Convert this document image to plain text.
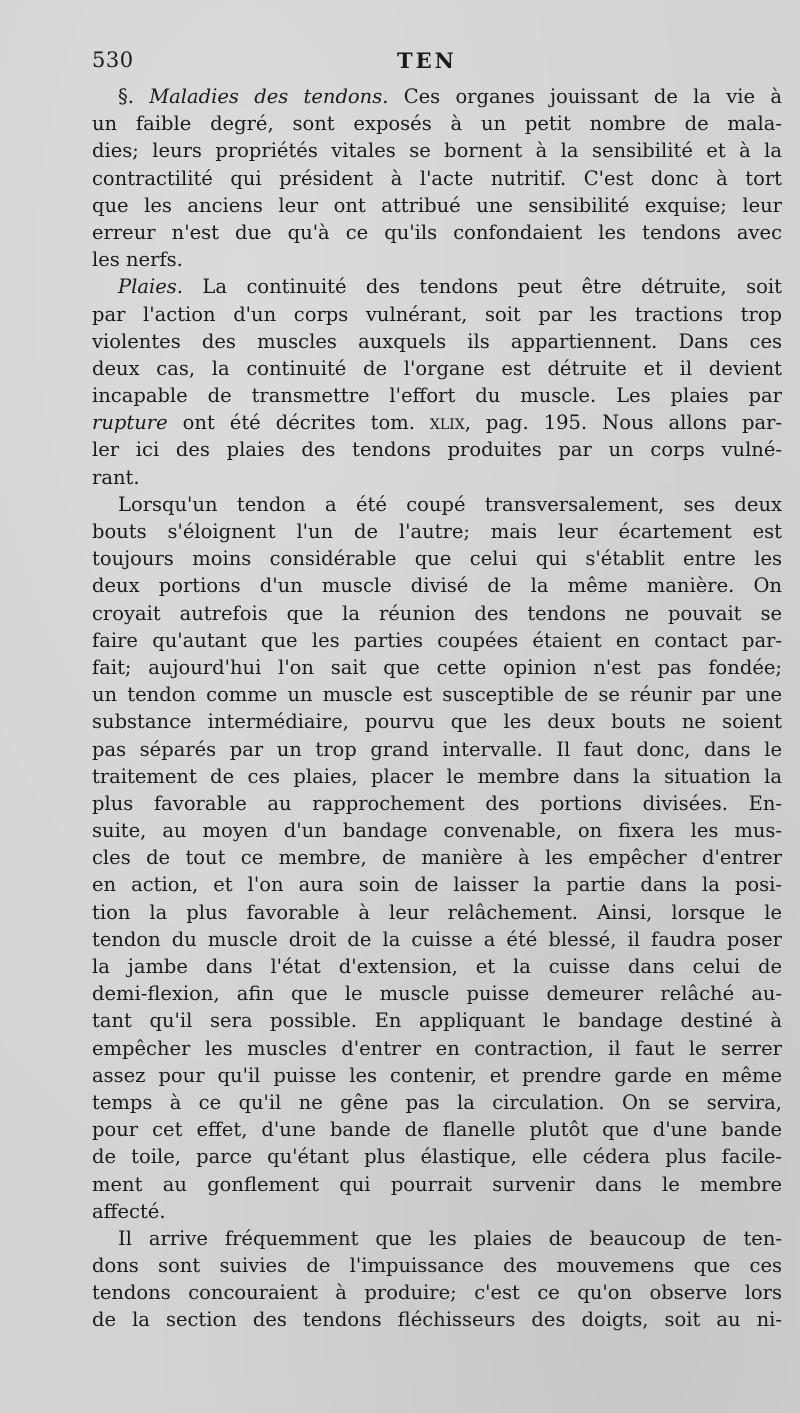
530	TEN
§. Maladies des tendons. Ces organes jouissant de la vie à
un faible degré, sont exposés à un petit nombre de mala-
dies; leurs propriétés vitales se bornent à la sensibilité et à la
contractilité qui président à l'acte nutritif. C'est donc à tort
que les anciens leur ont attribué une sensibilité exquise; leur
erreur n'est due qu'à ce qu'ils confondaient les tendons avec
les nerfs.
Plaies. La continuité des tendons peut être détruite, soit
par l'action d'un corps vulnérant, soit par les tractions trop
violentes des muscles auxquels ils appartiennent. Dans ces
deux cas, la continuité de l'organe est détruite et il devient
incapable de transmettre l'effort du muscle. Les plaies par
rupture ont été décrites tom. xlix, pag. 195. Nous allons par-
ler ici des plaies des tendons produites par un corps vulné-
rant.
Lorsqu'un tendon a été coupé transversalement, ses deux
bouts s'éloignent l'un de l'autre; mais leur écartement est
toujours moins considérable que celui qui s'établit entre les
deux portions d'un muscle divisé de la même manière. On
croyait autrefois que la réunion des tendons ne pouvait se
faire qu'autant que les parties coupées étaient en contact par-
fait; aujourd'hui l'on sait que cette opinion n'est pas fondée;
un tendon comme un muscle est susceptible de se réunir par une
substance intermédiaire, pourvu que les deux bouts ne soient
pas séparés par un trop grand intervalle. Il faut donc, dans le
traitement de ces plaies, placer le membre dans la situation la
plus favorable au rapprochement des portions divisées. En-
suite, au moyen d'un bandage convenable, on fixera les mus-
cles de tout ce membre, de manière à les empêcher d'entrer
en action, et l'on aura soin de laisser la partie dans la posi-
tion la plus favorable à leur relâchement. Ainsi, lorsque le
tendon du muscle droit de la cuisse a été blessé, il faudra poser
la jambe dans l'état d'extension, et la cuisse dans celui de
demi-flexion, afin que le muscle puisse demeurer relâché au-
tant qu'il sera possible. En appliquant le bandage destiné à
empêcher les muscles d'entrer en contraction, il faut le serrer
assez pour qu'il puisse les contenir, et prendre garde en même
temps à ce qu'il ne gêne pas la circulation. On se servira,
pour cet effet, d'une bande de flanelle plutôt que d'une bande
de toile, parce qu'étant plus élastique, elle cédera plus facile-
ment au gonflement qui pourrait survenir dans le membre
affecté.
Il arrive fréquemment que les plaies de beaucoup de ten-
dons sont suivies de l'impuissance des mouvemens que ces
tendons concouraient à produire; c'est ce qu'on observe lors
de la section des tendons fléchisseurs des doigts, soit au ni-
